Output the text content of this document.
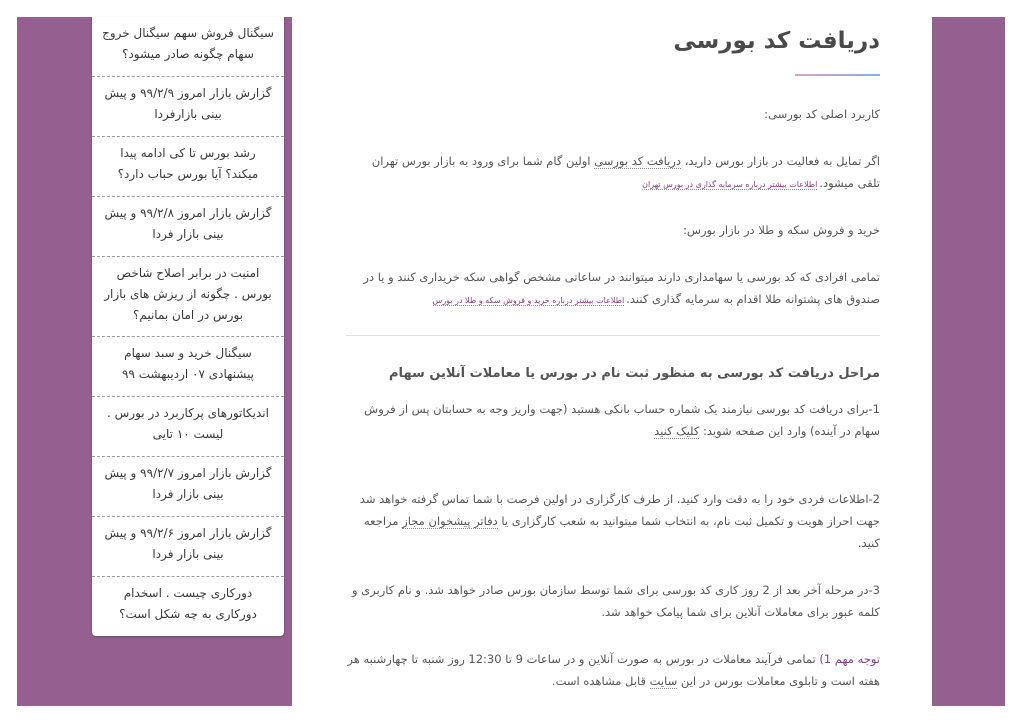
سیگنال فروش سهم سیگنال خروج سهام چگونه صادر میشود؟
گزارش بازار امروز ۹۹/۲/۹ و پیش بینی بازارفردا
رشد بورس تا کی ادامه پیدا میکند؟ آیا بورس حباب دارد؟
گزارش بازار امروز ۹۹/۲/۸ و پیش بینی بازار فردا
امنیت در برابر اصلاح شاخص بورس . چگونه از ریزش های بازار بورس در امان بمانیم؟
سیگنال خرید و سبد سهام پیشنهادی ۰۷ اردیبهشت ۹۹
اندیکاتورهای پرکاربرد در بورس . لیست ۱۰ تایی
گزارش بازار امروز ۹۹/۲/۷ و پیش بینی بازار فردا
گزارش بازار امروز ۹۹/۲/۶ و پیش بینی بازار فردا
دورکاری چیست . اسخدام دورکاری به چه شکل است؟
دریافت کد بورسی

کاربرد اصلی کد بورسی:

اگر تمایل به فعالیت در بازار بورس دارید، دریافت کد بورسی اولین گام شما برای ورود به بازار بورس تهران تلقی میشود.اطلاعات بیشتر درباره سرمایه گذاری در بورس تهران

خرید و فروش سکه و طلا در بازار بورس:

تمامی افرادی که کد بورسی یا سهامداری دارند میتوانند در ساعاتی مشخص گواهی سکه خریداری کنند و یا در صندوق های پشتوانه طلا اقدام به سرمایه گذاری کنند.اطلاعات بیشتر درباره خرید و فروش سکه و طلا در بورس

مراحل دریافت کد بورسی به منظور ثبت نام در بورس یا معاملات آنلاین سهام

1-برای دریافت کد بورسی نیازمند یک شماره حساب بانکی هستید (جهت واریز وجه به حسابتان پس از فروش سهام در آینده) وارد این صفحه شوید: کلیک کنید

2-اطلاعات فردی خود را به دقت وارد کنید. از طرف کارگزاری در اولین فرصت با شما تماس گرفته خواهد شد جهت احراز هویت و تکمیل ثبت نام، به انتخاب شما میتوانید به شعب کارگزاری یا دفاتر پیشخوان مجاز مراجعه کنید.

3-در مرحله آخر بعد از 2 روز کاری کد بورسی برای شما توسط سازمان بورس صادر خواهد شد. و نام کاربری و کلمه عبور برای معاملات آنلاین برای شما پیامک خواهد شد.

توجه مهم 1) تمامی فرآیند معاملات در بورس به صورت آنلاین و در ساعات 9 تا 12:30 روز شنبه تا چهارشنبه هر هفته است و تابلوی معاملات بورس در این سایت قابل مشاهده است.
